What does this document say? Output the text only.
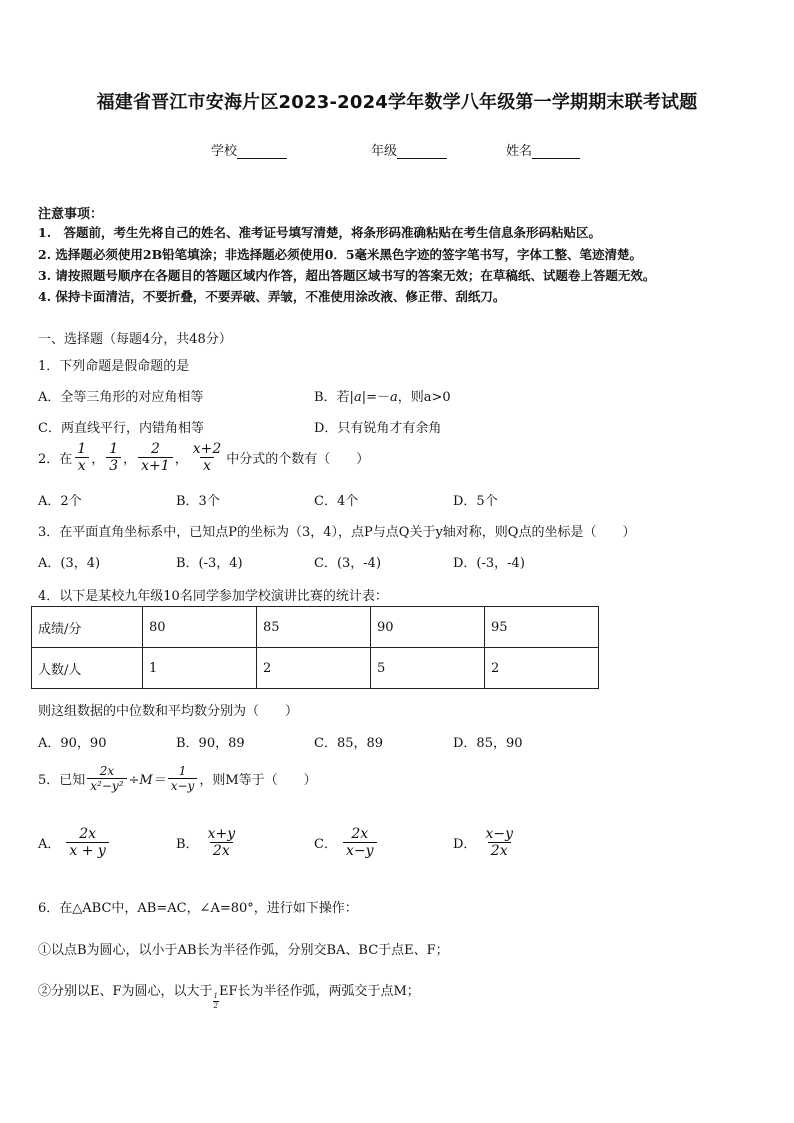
福建省晋江市安海片区2023-2024学年数学八年级第一学期期末联考试题
学校	年级	姓名
注意事项：
1.　答题前，考生先将自己的姓名、准考证号填写清楚，将条形码准确粘贴在考生信息条形码粘贴区。
2. 选择题必须使用2B铅笔填涂；非选择题必须使用0．5毫米黑色字迹的签字笔书写，字体工整、笔迹清楚。
3. 请按照题号顺序在各题目的答题区域内作答，超出答题区域书写的答案无效；在草稿纸、试题卷上答题无效。
4. 保持卡面清洁，不要折叠，不要弄破、弄皱，不准使用涂改液、修正带、刮纸刀。
一、选择题（每题4分，共48分）
1．下列命题是假命题的是
A．全等三角形的对应角相等	B．若|a|=－a，则a>0
C．两直线平行，内错角相等	D．只有锐角才有余角
2．在 $\frac{1}{x}$ ， $\frac{1}{3}$ ， $\frac{2}{x+1}$ ， $\frac{x+2}{x}$ 中分式的个数有（　　）
A．2个	B．3个	C．4个	D．5个
3．在平面直角坐标系中，已知点P的坐标为（3，4），点P与点Q关于y轴对称，则Q点的坐标是（　　）
A．(3，4)	B．(-3，4)	C．(3，-4)	D．(-3，-4)
4．以下是某校九年级10名同学参加学校演讲比赛的统计表：
成绩/分	80	85	90	95
人数/人	1	2	5	2
则这组数据的中位数和平均数分别为（　　）
A．90，90	B．90，89	C．85，89	D．85，90
5．已知 $\frac{2x}{\text{x²−y²}} \div M= \frac{1}{x-y}$ ，则M等于（　　）
A． $\frac{2x}{x + y}$	B． $\frac{x+y}{2x}$	C． $\frac{2x}{x-y}$	D． $\frac{x-y}{2x}$
6．在△ABC中，AB=AC，∠A=80°，进行如下操作：
①以点B为圆心，以小于AB长为半径作弧，分别交BA、BC于点E、F；
②分别以E、F为圆心，以大于
$\frac{1}{2}$
EF长为半径作弧，两弧交于点M；
